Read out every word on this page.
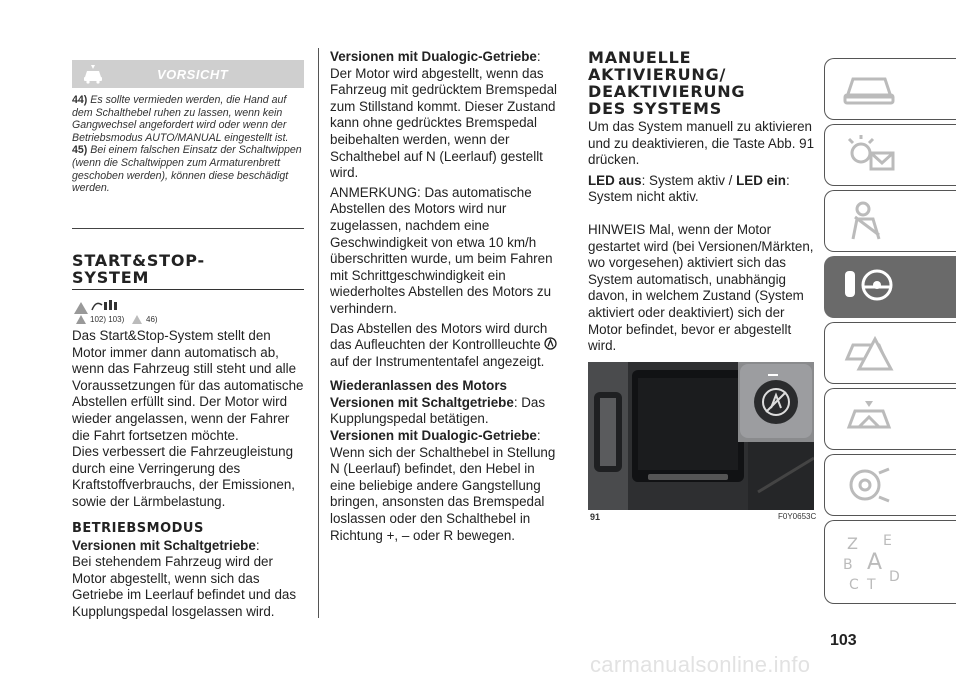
VORSICHT

44) Es sollte vermieden werden, die Hand auf dem Schalthebel ruhen zu lassen, wenn kein Gangwechsel angefordert wird oder wenn der Betriebsmodus AUTO/MANUAL eingestellt ist.

45) Bei einem falschen Einsatz der Schaltwippen (wenn die Schaltwippen zum Armaturenbrett geschoben werden), können diese beschädigt werden.

START&STOP-
SYSTEM
102) 103)	46)

Das Start&Stop-System stellt den Motor immer dann automatisch ab, wenn das Fahrzeug still steht und alle Voraussetzungen für das automatische Abstellen erfüllt sind. Der Motor wird wieder angelassen, wenn der Fahrer die Fahrt fortsetzen möchte.

Dies verbessert die Fahrzeugleistung durch eine Verringerung des Kraftstoffverbrauchs, der Emissionen, sowie der Lärmbelastung.

BETRIEBSMODUS

Versionen mit Schaltgetriebe:

Bei stehendem Fahrzeug wird der Motor abgestellt, wenn sich das Getriebe im Leerlauf befindet und das Kupplungspedal losgelassen wird.

Versionen mit Dualogic-Getriebe:

Der Motor wird abgestellt, wenn das Fahrzeug mit gedrücktem Bremspedal zum Stillstand kommt. Dieser Zustand kann ohne gedrücktes Bremspedal beibehalten werden, wenn der Schalthebel auf N (Leerlauf) gestellt wird.

ANMERKUNG: Das automatische Abstellen des Motors wird nur zugelassen, nachdem eine Geschwindigkeit von etwa 10 km/h überschritten wurde, um beim Fahren mit Schrittgeschwindigkeit ein wiederholtes Abstellen des Motors zu verhindern.

Das Abstellen des Motors wird durch das Aufleuchten der Kontrollleuchte  auf der Instrumententafel angezeigt.

Wiederanlassen des Motors

Versionen mit Schaltgetriebe: Das Kupplungspedal betätigen.

Versionen mit Dualogic-Getriebe:

Wenn sich der Schalthebel in Stellung N (Leerlauf) befindet, den Hebel in eine beliebige andere Gangstellung bringen, ansonsten das Bremspedal loslassen oder den Schalthebel in Richtung +, – oder R bewegen.

MANUELLE
AKTIVIERUNG/
DEAKTIVIERUNG
DES SYSTEMS

Um das System manuell zu aktivieren und zu deaktivieren, die Taste Abb. 91 drücken.

LED aus: System aktiv / LED ein: System nicht aktiv.

HINWEIS Mal, wenn der Motor gestartet wird (bei Versionen/Märkten, wo vorgesehen) aktiviert sich das System automatisch, unabhängig davon, in welchem Zustand (System aktiviert oder deaktiviert) sich der Motor befindet, bevor er abgestellt wird.

91	F0Y0653C
Z E
B A
C T D
103
carmanualsonline.info
